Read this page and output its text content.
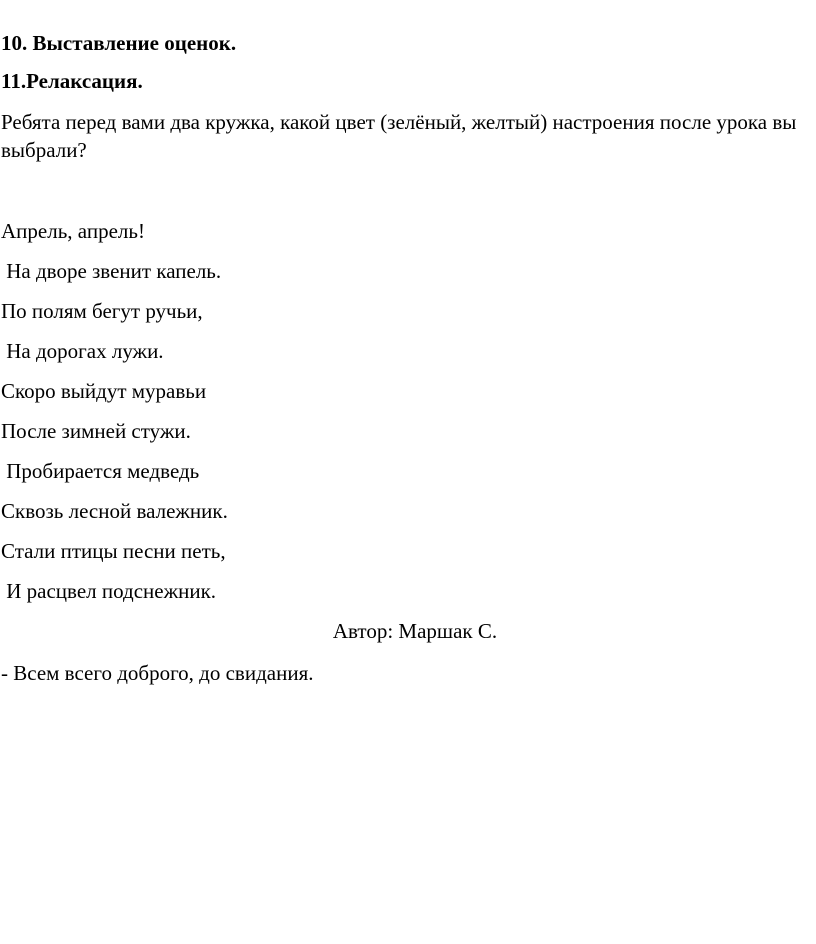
10. Выставление оценок.

11.Релаксация.

Ребята перед вами два кружка, какой цвет (зелёный, желтый) настроения после урока вы выбрали?

Апрель, апрель!

На дворе звенит капель.

По полям бегут ручьи,

На дорогах лужи.

Скоро выйдут муравьи

После зимней стужи.

Пробирается медведь

Сквозь лесной валежник.

Стали птицы песни петь,

И расцвел подснежник.

Автор: Маршак С.

- Всем всего доброго, до свидания.
